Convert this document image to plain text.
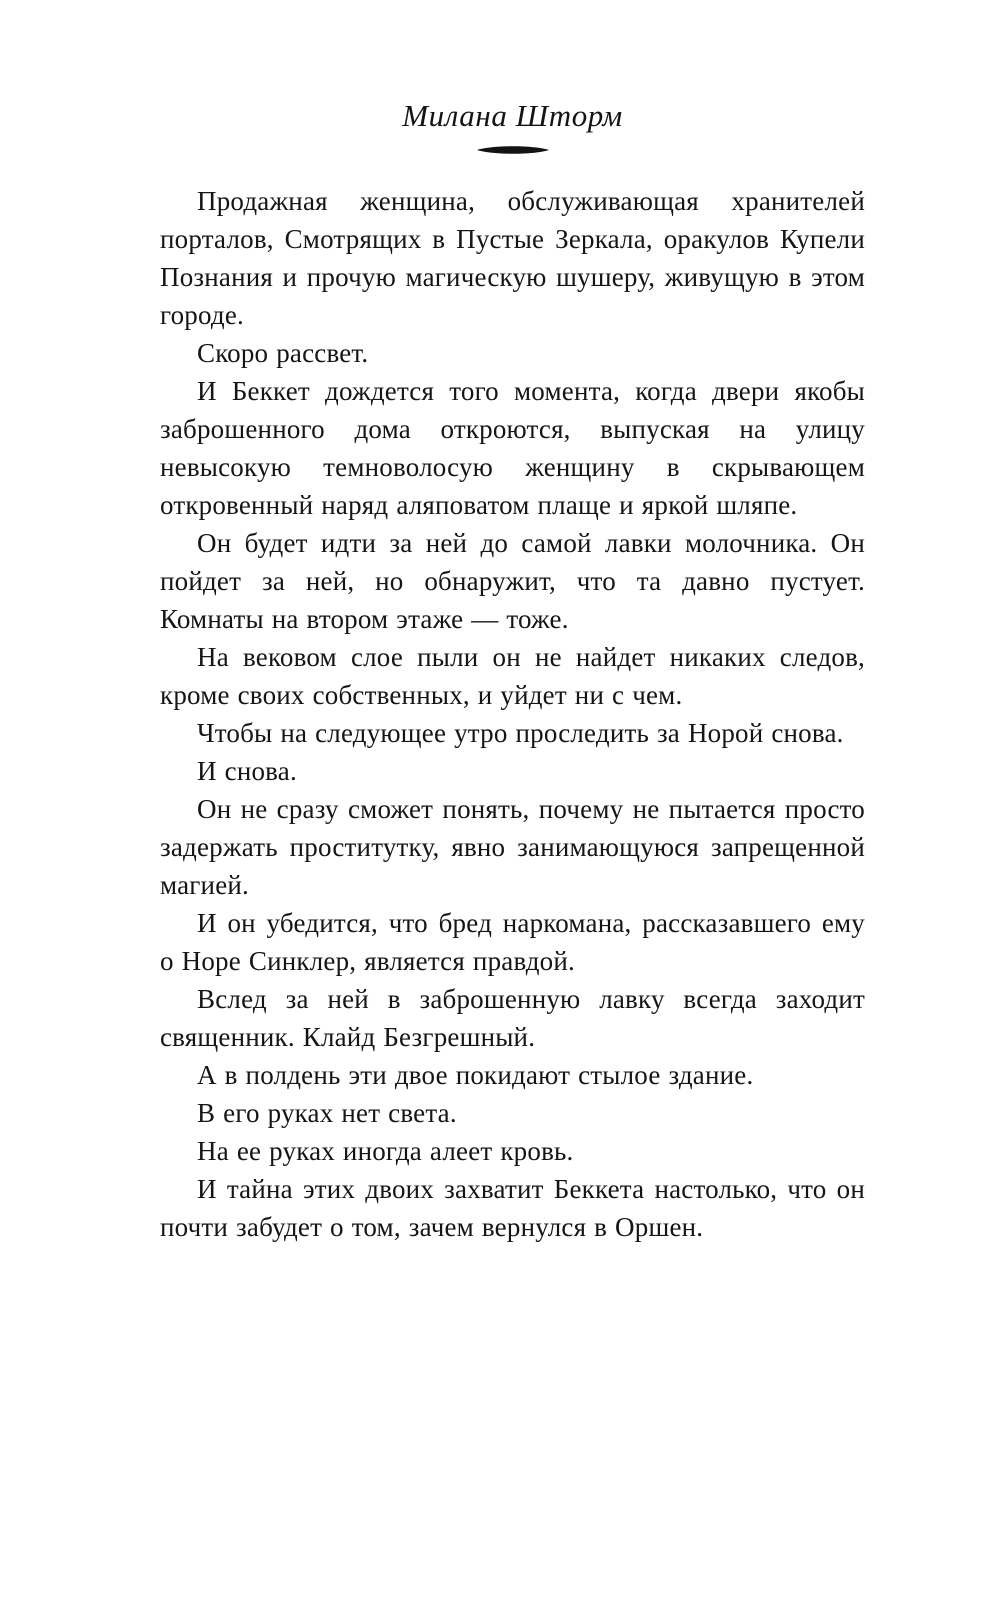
Милана Шторм

Продажная женщина, обслуживающая хранителей порталов, Смотрящих в Пустые Зеркала, оракулов Купели Познания и прочую магическую шушеру, живущую в этом городе.

Скоро рассвет.

И Беккет дождется того момента, когда двери якобы заброшенного дома откроются, выпуская на улицу невысокую темноволосую женщину в скрывающем откровенный наряд аляповатом плаще и яркой шляпе.

Он будет идти за ней до самой лавки молочника. Он пойдет за ней, но обнаружит, что та давно пустует. Комнаты на втором этаже — тоже.

На вековом слое пыли он не найдет никаких следов, кроме своих собственных, и уйдет ни с чем.

Чтобы на следующее утро проследить за Норой снова.

И снова.

Он не сразу сможет понять, почему не пытается просто задержать проститутку, явно занимающуюся запрещенной магией.

И он убедится, что бред наркомана, рассказавшего ему о Норе Синклер, является правдой.

Вслед за ней в заброшенную лавку всегда заходит священник. Клайд Безгрешный.

А в полдень эти двое покидают стылое здание.

В его руках нет света.

На ее руках иногда алеет кровь.

И тайна этих двоих захватит Беккета настолько, что он почти забудет о том, зачем вернулся в Оршен.
